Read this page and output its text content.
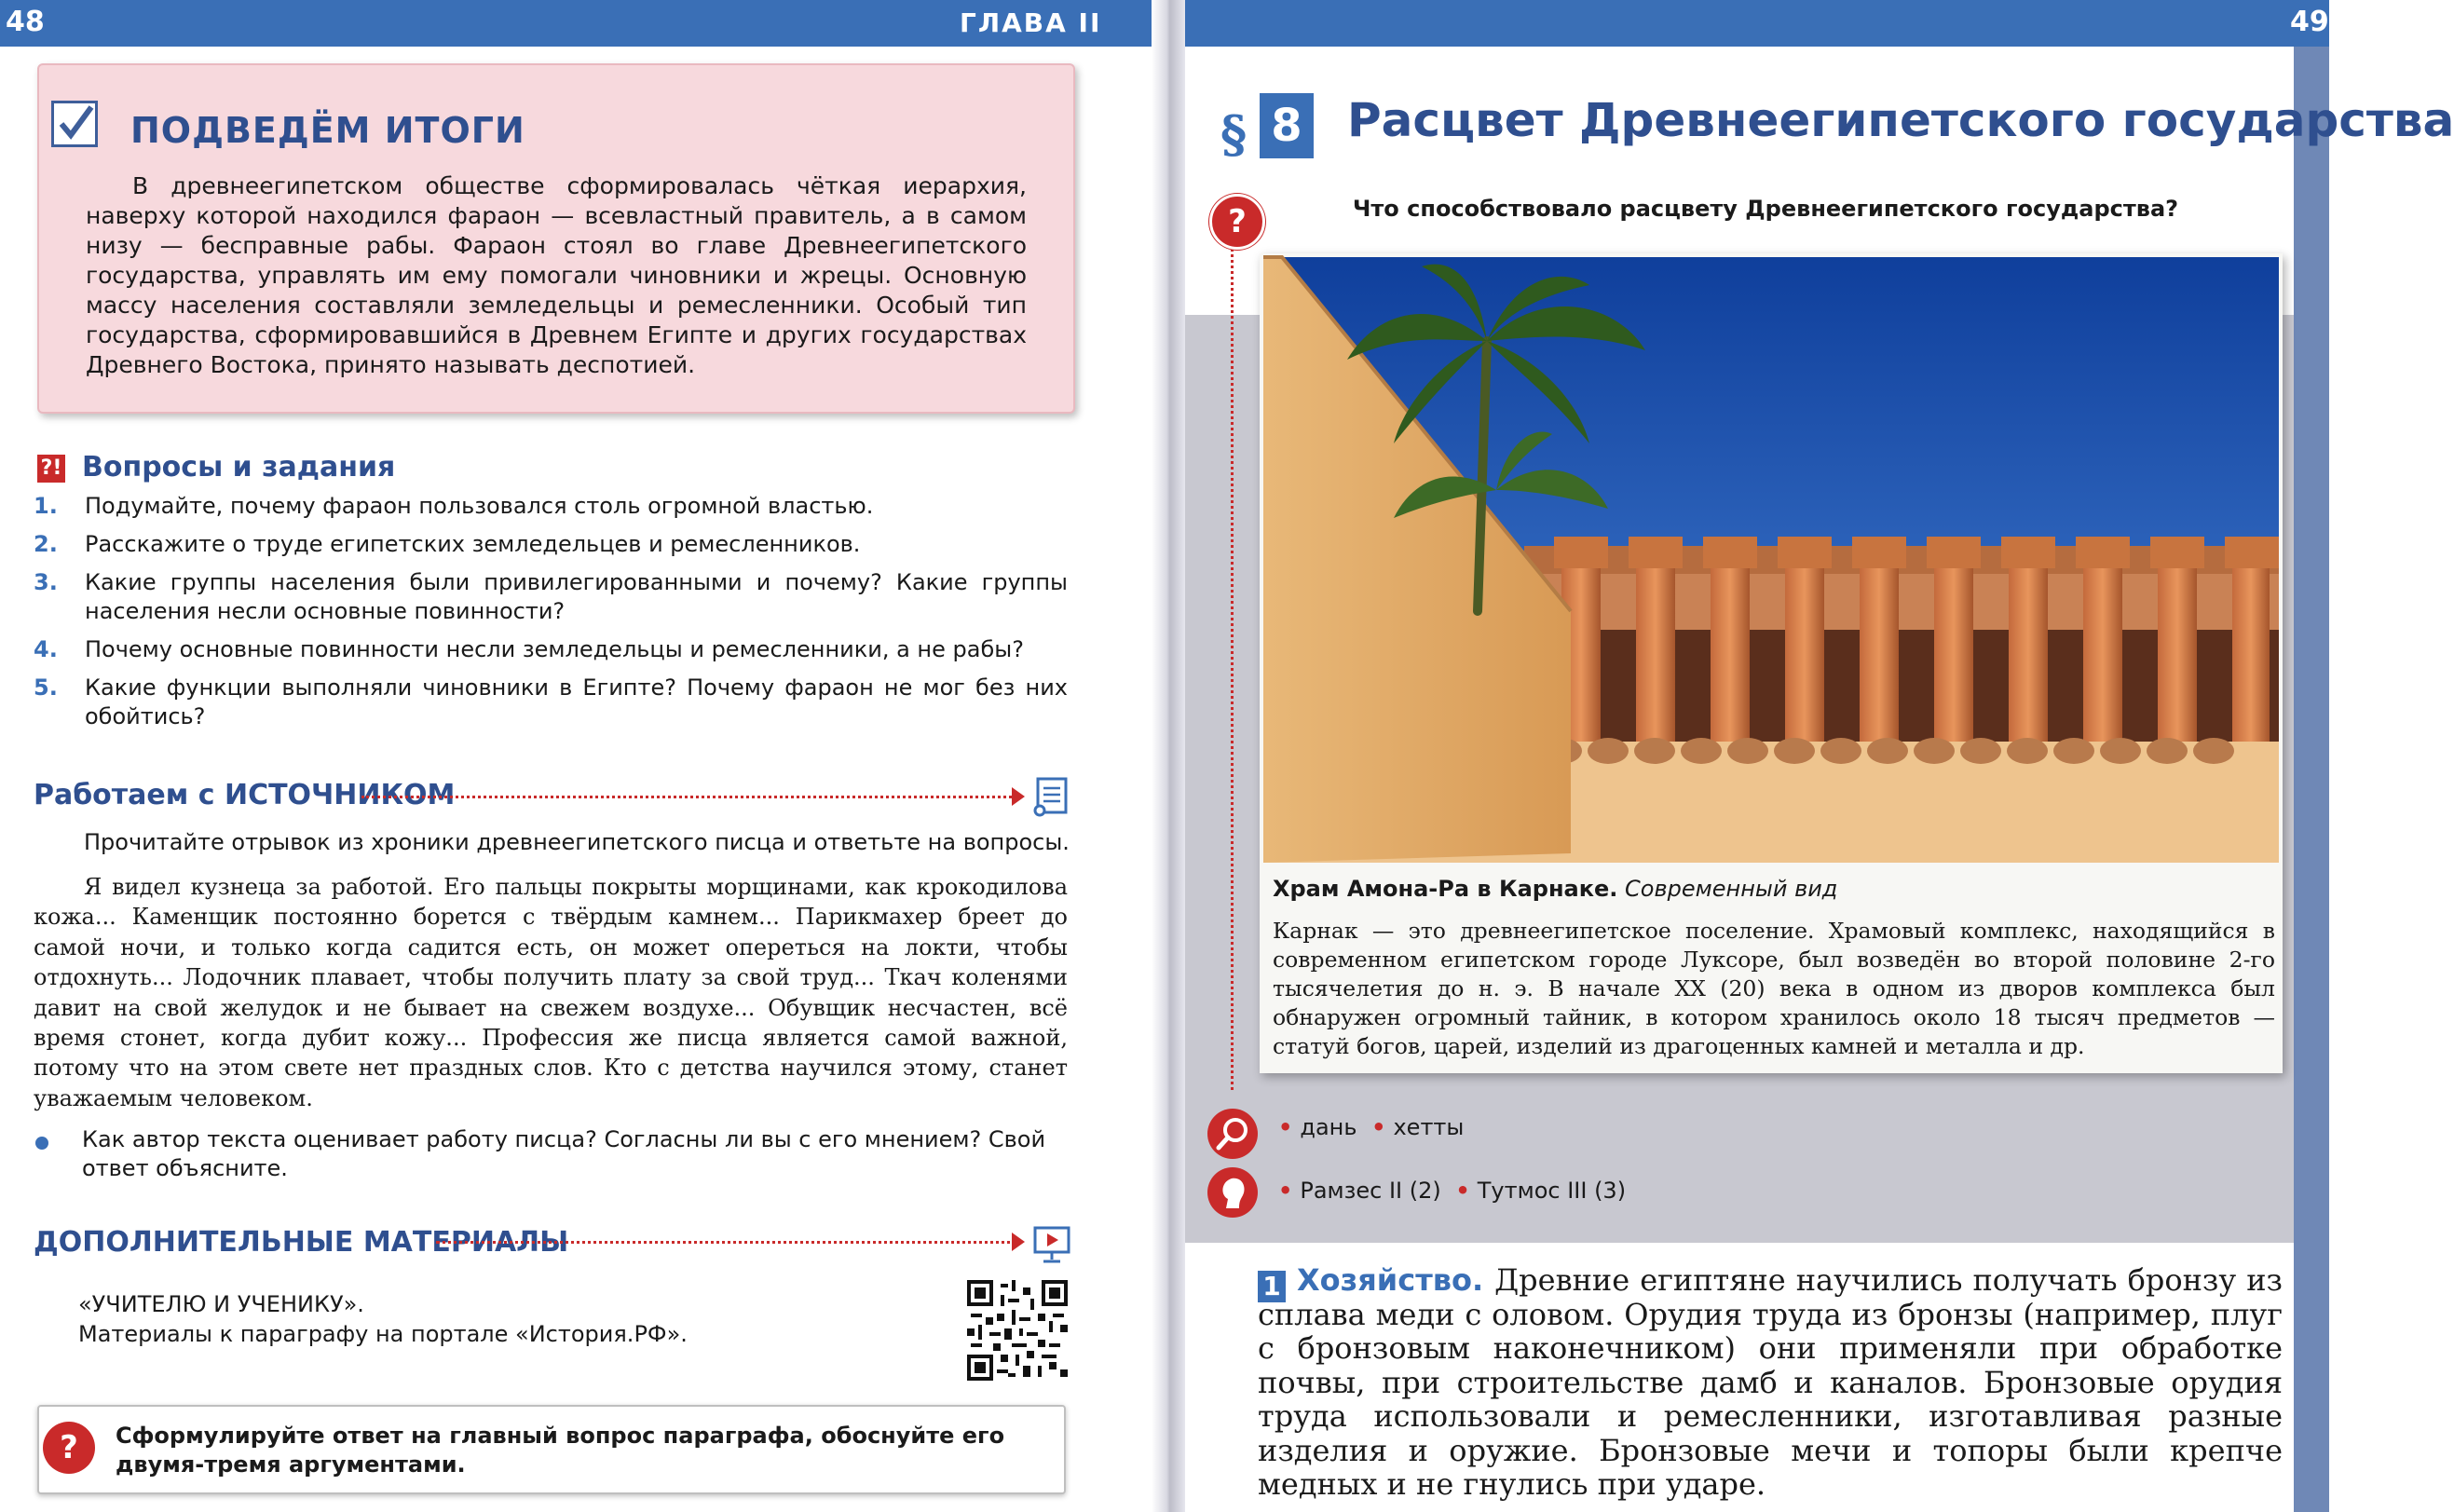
48	ГЛАВА II	49
ПОДВЕДЁМ ИТОГИ
В древнеегипетском обществе сформировалась чёткая иерархия, наверху которой находился фараон — всевластный правитель, а в самом низу — бесправные рабы. Фараон стоял во главе Древнеегипетского государства, управлять им ему помогали чиновники и жрецы. Основную массу населения составляли земледельцы и ремесленники. Особый тип государства, сформировавшийся в Древнем Египте и других государствах Древнего Востока, принято называть деспотией.
?! Вопросы и задания
1.	Подумайте, почему фараон пользовался столь огромной властью.
2.	Расскажите о труде египетских земледельцев и ремесленников.
3.	Какие группы населения были привилегированными и почему? Какие группы населения несли основные повинности?
4.	Почему основные повинности несли земледельцы и ремесленники, а не рабы?
5.	Какие функции выполняли чиновники в Египте? Почему фараон не мог без них обойтись?
Работаем с ИСТОЧНИКОМ
Прочитайте отрывок из хроники древнеегипетского писца и ответьте на вопросы.
Я видел кузнеца за работой. Его пальцы покрыты морщинами, как крокодилова кожа... Каменщик постоянно борется с твёрдым камнем... Парикмахер бреет до самой ночи, и только когда садится есть, он может опереться на локти, чтобы отдохнуть... Лодочник плавает, чтобы получить плату за свой труд... Ткач коленями давит на свой желудок и не бывает на свежем воздухе... Обувщик несчастен, всё время стонет, когда дубит кожу... Профессия же писца является самой важной, потому что на этом свете нет праздных слов. Кто с детства научился этому, станет уважаемым человеком.
Как автор текста оценивает работу писца? Согласны ли вы с его мнением? Свой ответ объясните.
ДОПОЛНИТЕЛЬНЫЕ МАТЕРИАЛЫ
«УЧИТЕЛЮ И УЧЕНИКУ».
Материалы к параграфу на портале «История.РФ».
?	Сформулируйте ответ на главный вопрос параграфа, обоснуйте его двумя-тремя аргументами.
§ 8 Расцвет Древнеегипетского государства
?	Что способствовало расцвету Древнеегипетского государства?
Храм Амона-Ра в Карнаке. Современный вид
Карнак — это древнеегипетское поселение. Храмовый комплекс, находящийся в современном египетском городе Луксоре, был возведён во второй половине 2-го тысячелетия до н. э. В начале XX (20) века в одном из дворов комплекса был обнаружен огромный тайник, в котором хранилось около 18 тысяч предметов — статуй богов, царей, изделий из драгоценных камней и металла и др.
• дань • хетты
• Рамзес II (2) • Тутмос III (3)
1 Хозяйство. Древние египтяне научились получать бронзу из сплава меди с оловом. Орудия труда из бронзы (например, плуг с бронзовым наконечником) они применяли при обработке почвы, при строительстве дамб и каналов. Бронзовые орудия труда использовали и ремесленники, изготавливая разные изделия и оружие. Бронзовые мечи и топоры были крепче медных и не гнулись при ударе.
